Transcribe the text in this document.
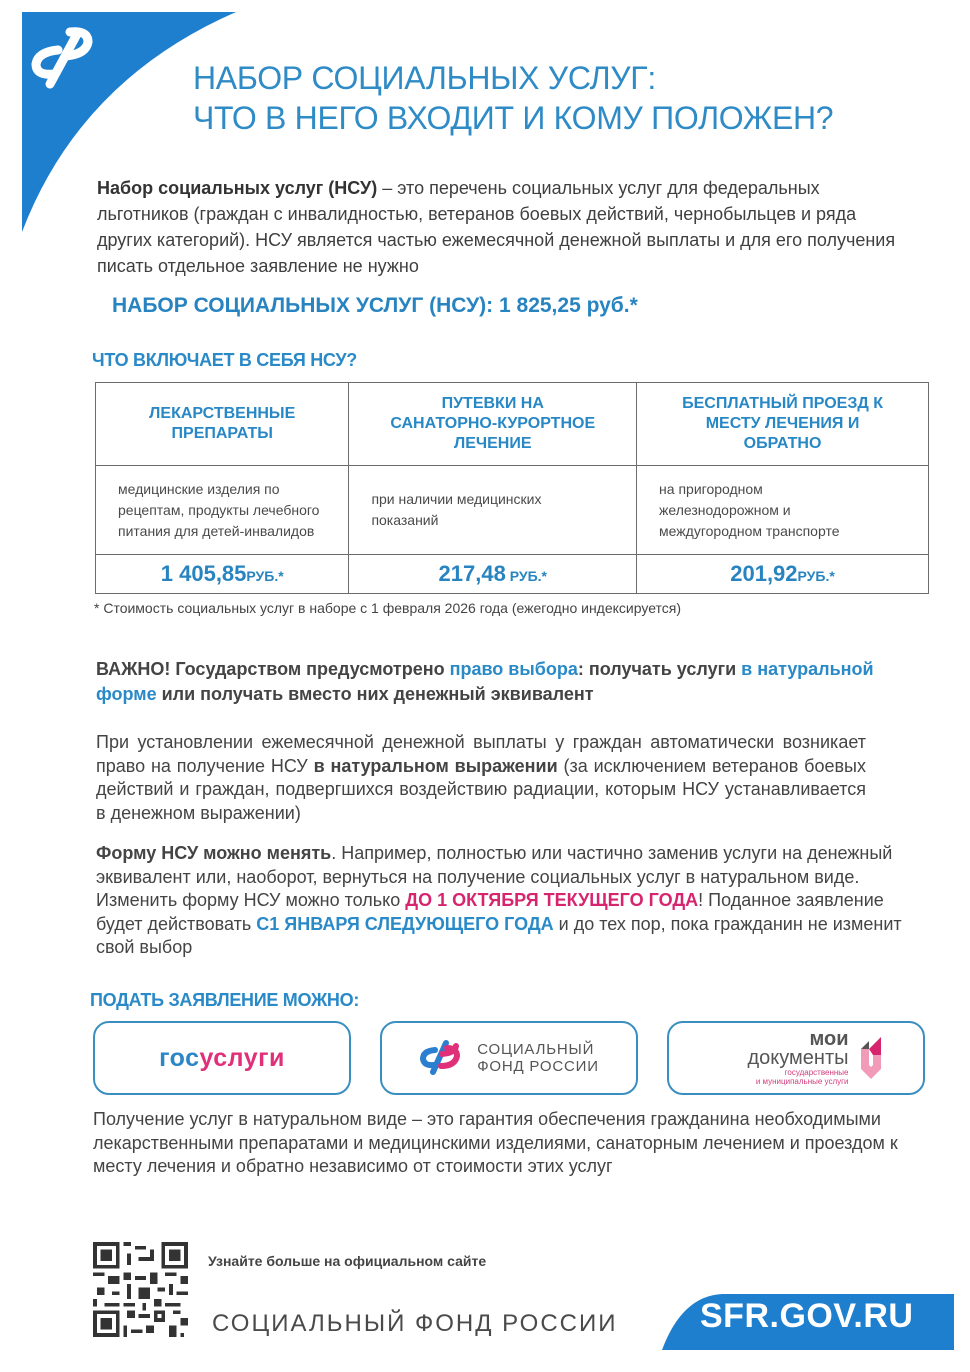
НАБОР СОЦИАЛЬНЫХ УСЛУГ:
ЧТО В НЕГО ВХОДИТ И КОМУ ПОЛОЖЕН?
Набор социальных услуг (НСУ) – это перечень социальных услуг для федеральных льготников (граждан с инвалидностью, ветеранов боевых действий, чернобыльцев и ряда других категорий). НСУ является частью ежемесячной денежной выплаты и для его получения писать отдельное заявление не нужно
НАБОР СОЦИАЛЬНЫХ УСЛУГ (НСУ): 1 825,25 руб.*
ЧТО ВКЛЮЧАЕТ В СЕБЯ НСУ?
ЛЕКАРСТВЕННЫЕ ПРЕПАРАТЫ	ПУТЕВКИ НА САНАТОРНО-КУРОРТНОЕ ЛЕЧЕНИЕ	БЕСПЛАТНЫЙ ПРОЕЗД К МЕСТУ ЛЕЧЕНИЯ И ОБРАТНО
медицинские изделия по рецептам, продукты лечебного питания для детей-инвалидов	при наличии медицинских показаний	на пригородном железнодорожном и междугородном транспорте
1 405,85РУБ.*	217,48 РУБ.*	201,92РУБ.*
* Стоимость социальных услуг в наборе с 1 февраля 2026 года (ежегодно индексируется)
ВАЖНО! Государством предусмотрено право выбора: получать услуги в натуральной форме или получать вместо них денежный эквивалент
При установлении ежемесячной денежной выплаты у граждан автоматически возникает право на получение НСУ в натуральном выражении (за исключением ветеранов боевых действий и граждан, подвергшихся воздействию радиации, которым НСУ устанавливается в денежном выражении)
Форму НСУ можно менять. Например, полностью или частично заменив услуги на денежный эквивалент или, наоборот, вернуться на получение социальных услуг в натуральном виде. Изменить форму НСУ можно только ДО 1 ОКТЯБРЯ ТЕКУЩЕГО ГОДА! Поданное заявление будет действовать С1 ЯНВАРЯ СЛЕДУЮЩЕГО ГОДА и до тех пор, пока гражданин не изменит свой выбор
ПОДАТЬ ЗАЯВЛЕНИЕ МОЖНО:
госуслуги	СОЦИАЛЬНЫЙ
ФОНД РОССИИ
мои
документы
государственные
и муниципальные услуги
Получение услуг в натуральном виде – это гарантия обеспечения гражданина необходимыми лекарственными препаратами и медицинскими изделиями, санаторным лечением и проездом к месту лечения и обратно независимо от стоимости этих услуг
Узнайте больше на официальном сайте
СОЦИАЛЬНЫЙ ФОНД РОССИИ SFR.GOV.RU
